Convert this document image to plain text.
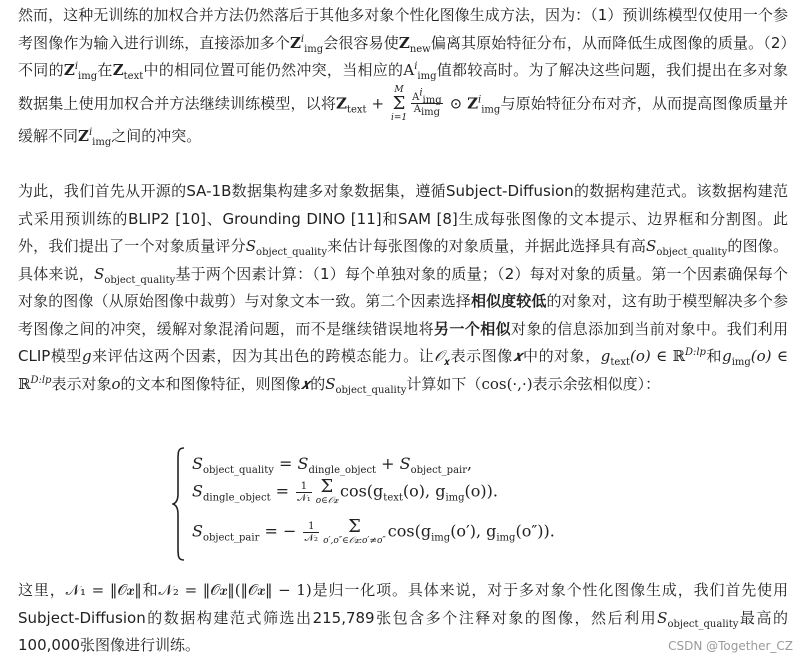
然而，这种无训练的加权合并方法仍然落后于其他多对象个性化图像生成方法，因为：（1）预训练模型仅使用一个参考图像作为输入进行训练，直接添加多个$Z^i_{img}$会很容易使$Z_{new}$偏离其原始特征分布，从而降低生成图像的质量。（2）不同的$Z^i_{img}$在$Z_{text}$中的相同位置可能仍然冲突，当相应的$A^i_{img}$值都较高时。为了解决这些问题，我们提出在多对象数据集上使用加权合并方法继续训练模型，以将$Z_{text}$ +
M
Σ
i=1
$\frac{A^i_{img}}{A_{img}}$ ⊙ $Z^i_{img}$与原始特征分布对齐，从而提高图像质量并缓解不同$Z^i_{img}$之间的冲突。

为此，我们首先从开源的SA-1B数据集构建多对象数据集，遵循Subject-Diffusion的数据构建范式。该数据构建范式采用预训练的BLIP2 [10]、Grounding DINO [11]和SAM [8]生成每张图像的文本提示、边界框和分割图。此外，我们提出了一个对象质量评分$S_{object\_quality}$来估计每张图像的对象质量，并据此选择具有高$S_{object\_quality}$的图像。具体来说，$S_{object\_quality}$基于两个因素计算：（1）每个单独对象的质量；（2）每对对象的质量。第一个因素确保每个对象的图像（从原始图像中裁剪）与对象文本一致。第二个因素选择相似度较低的对象对，这有助于模型解决多个参考图像之间的冲突，缓解对象混淆问题，而不是继续错误地将另一个相似对象的信息添加到当前对象中。我们利用CLIP模型g来评估这两个因素，因为其出色的跨模态能力。让𝒪$_𝒙$表示图像𝒙中的对象，$g_{text}(o)$ ∈ ℝ$^{D:lp}$和$g_{img}(o)$ ∈ ℝ$^{D:lp}$表示对象o的文本和图像特征，则图像𝒙的$S_{object\_quality}$计算如下（cos(·,·)表示余弦相似度）：

$S_{object\_quality} = S_{dingle\_object} + S_{object\_pair}$,
$S_{dingle\_object} = \frac{1}{\text{𝒩₁}}$ Σ
o∈𝒪𝒙
$\cos(g_{text}(o)$, $g_{img}(o)$).
$S_{object\_pair}$ = − $\frac{1}{\text{𝒩₂}}$	Σ
o′,o″∈𝒪𝒙:o′≠o″
$\cos(g_{img}(o')$, $g_{img}(o'')$).

这里，𝒩₁ = ‖𝒪𝒙‖和𝒩₂ = ‖𝒪𝒙‖(‖𝒪𝒙‖ − 1)是归一化项。具体来说，对于多对象个性化图像生成，我们首先使用Subject-Diffusion的数据构建范式筛选出215,789张包含多个注释对象的图像，然后利用$S_{object\_quality}$最高的100,000张图像进行训练。	CSDN @Together_CZ
